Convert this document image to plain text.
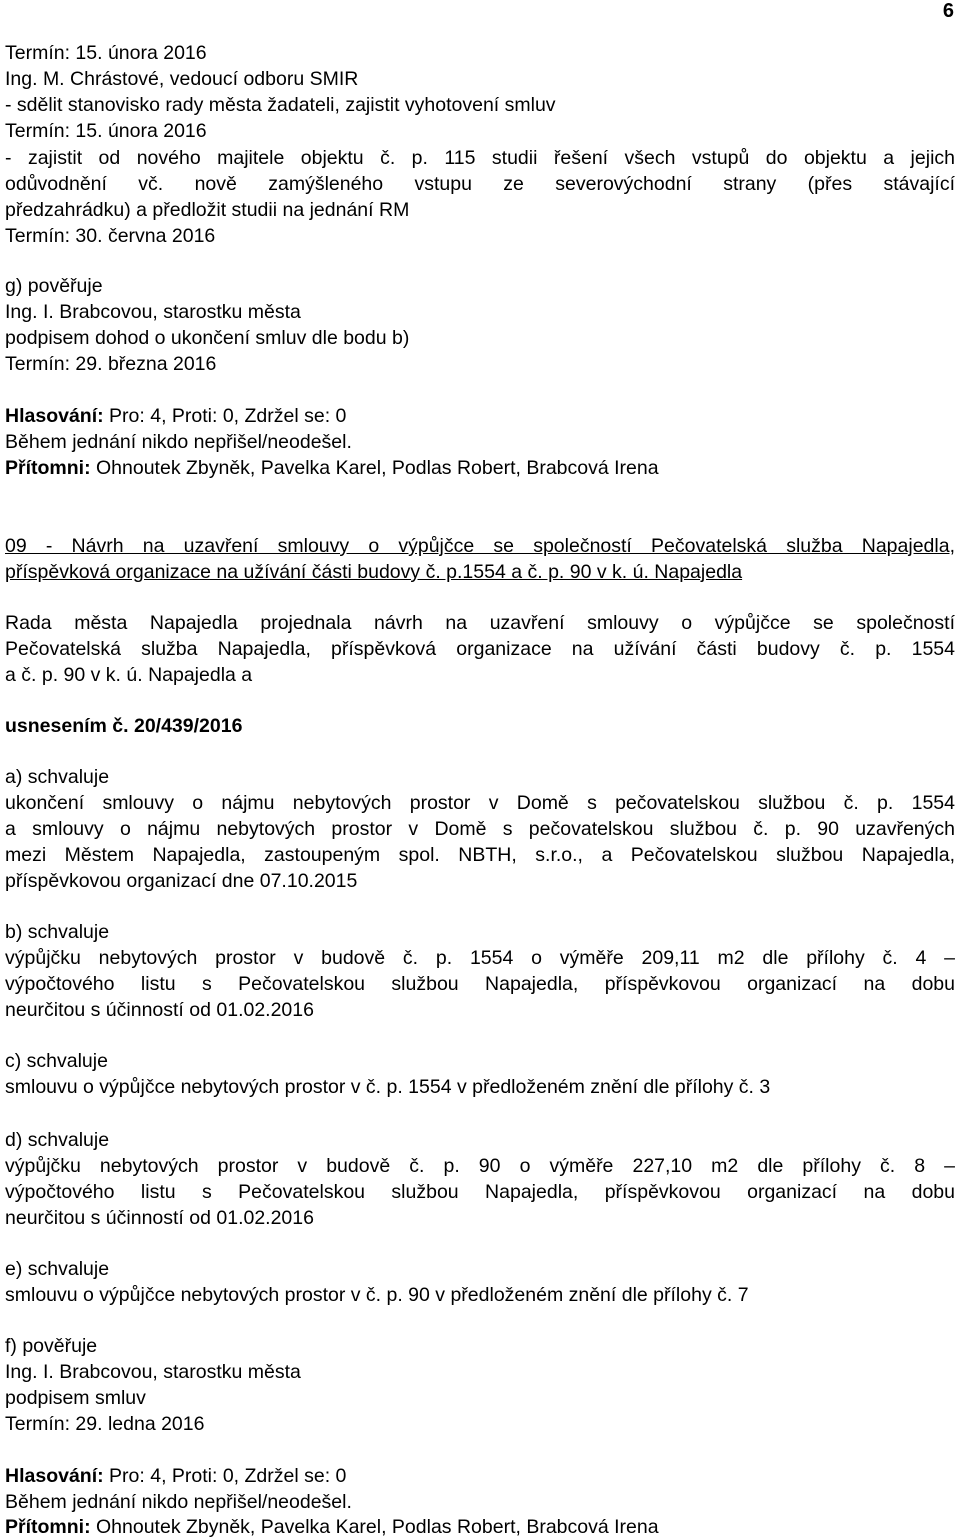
6
Termín: 15. února 2016
Ing. M. Chrástové, vedoucí odboru SMIR
- sdělit stanovisko rady města žadateli, zajistit vyhotovení smluv
Termín: 15. února 2016
- zajistit od nového majitele objektu č. p. 115 studii řešení všech vstupů do objektu a jejich
odůvodnění vč. nově zamýšleného vstupu ze severovýchodní strany (přes stávající
předzahrádku) a předložit studii na jednání RM
Termín: 30. června 2016
g) pověřuje
Ing. I. Brabcovou, starostku města
podpisem dohod o ukončení smluv dle bodu b)
Termín: 29. března 2016
Hlasování: Pro: 4, Proti: 0, Zdržel se: 0
Během jednání nikdo nepřišel/neodešel.
Přítomni: Ohnoutek Zbyněk, Pavelka Karel, Podlas Robert, Brabcová Irena
09 - Návrh na uzavření smlouvy o výpůjčce se společností Pečovatelská služba Napajedla,
příspěvková organizace na užívání části budovy č. p.1554 a č. p. 90 v k. ú. Napajedla
Rada města Napajedla projednala návrh na uzavření smlouvy o výpůjčce se společností
Pečovatelská služba Napajedla, příspěvková organizace na užívání části budovy č. p. 1554
a č. p. 90 v k. ú. Napajedla a
usnesením č. 20/439/2016
a) schvaluje
ukončení smlouvy o nájmu nebytových prostor v Domě s pečovatelskou službou č. p. 1554
a smlouvy o nájmu nebytových prostor v Domě s pečovatelskou službou č. p. 90 uzavřených
mezi Městem Napajedla, zastoupeným spol. NBTH, s.r.o., a Pečovatelskou službou Napajedla,
příspěvkovou organizací dne 07.10.2015
b) schvaluje
výpůjčku nebytových prostor v budově č. p. 1554 o výměře 209,11 m2 dle přílohy č. 4 –
výpočtového listu s Pečovatelskou službou Napajedla, příspěvkovou organizací na dobu
neurčitou s účinností od 01.02.2016
c) schvaluje
smlouvu o výpůjčce nebytových prostor v č. p. 1554 v předloženém znění dle přílohy č. 3
d) schvaluje
výpůjčku nebytových prostor v budově č. p. 90 o výměře 227,10 m2 dle přílohy č. 8 –
výpočtového listu s Pečovatelskou službou Napajedla, příspěvkovou organizací na dobu
neurčitou s účinností od 01.02.2016
e) schvaluje
smlouvu o výpůjčce nebytových prostor v č. p. 90 v předloženém znění dle přílohy č. 7
f) pověřuje
Ing. I. Brabcovou, starostku města
podpisem smluv
Termín: 29. ledna 2016
Hlasování: Pro: 4, Proti: 0, Zdržel se: 0
Během jednání nikdo nepřišel/neodešel.
Přítomni: Ohnoutek Zbyněk, Pavelka Karel, Podlas Robert, Brabcová Irena
